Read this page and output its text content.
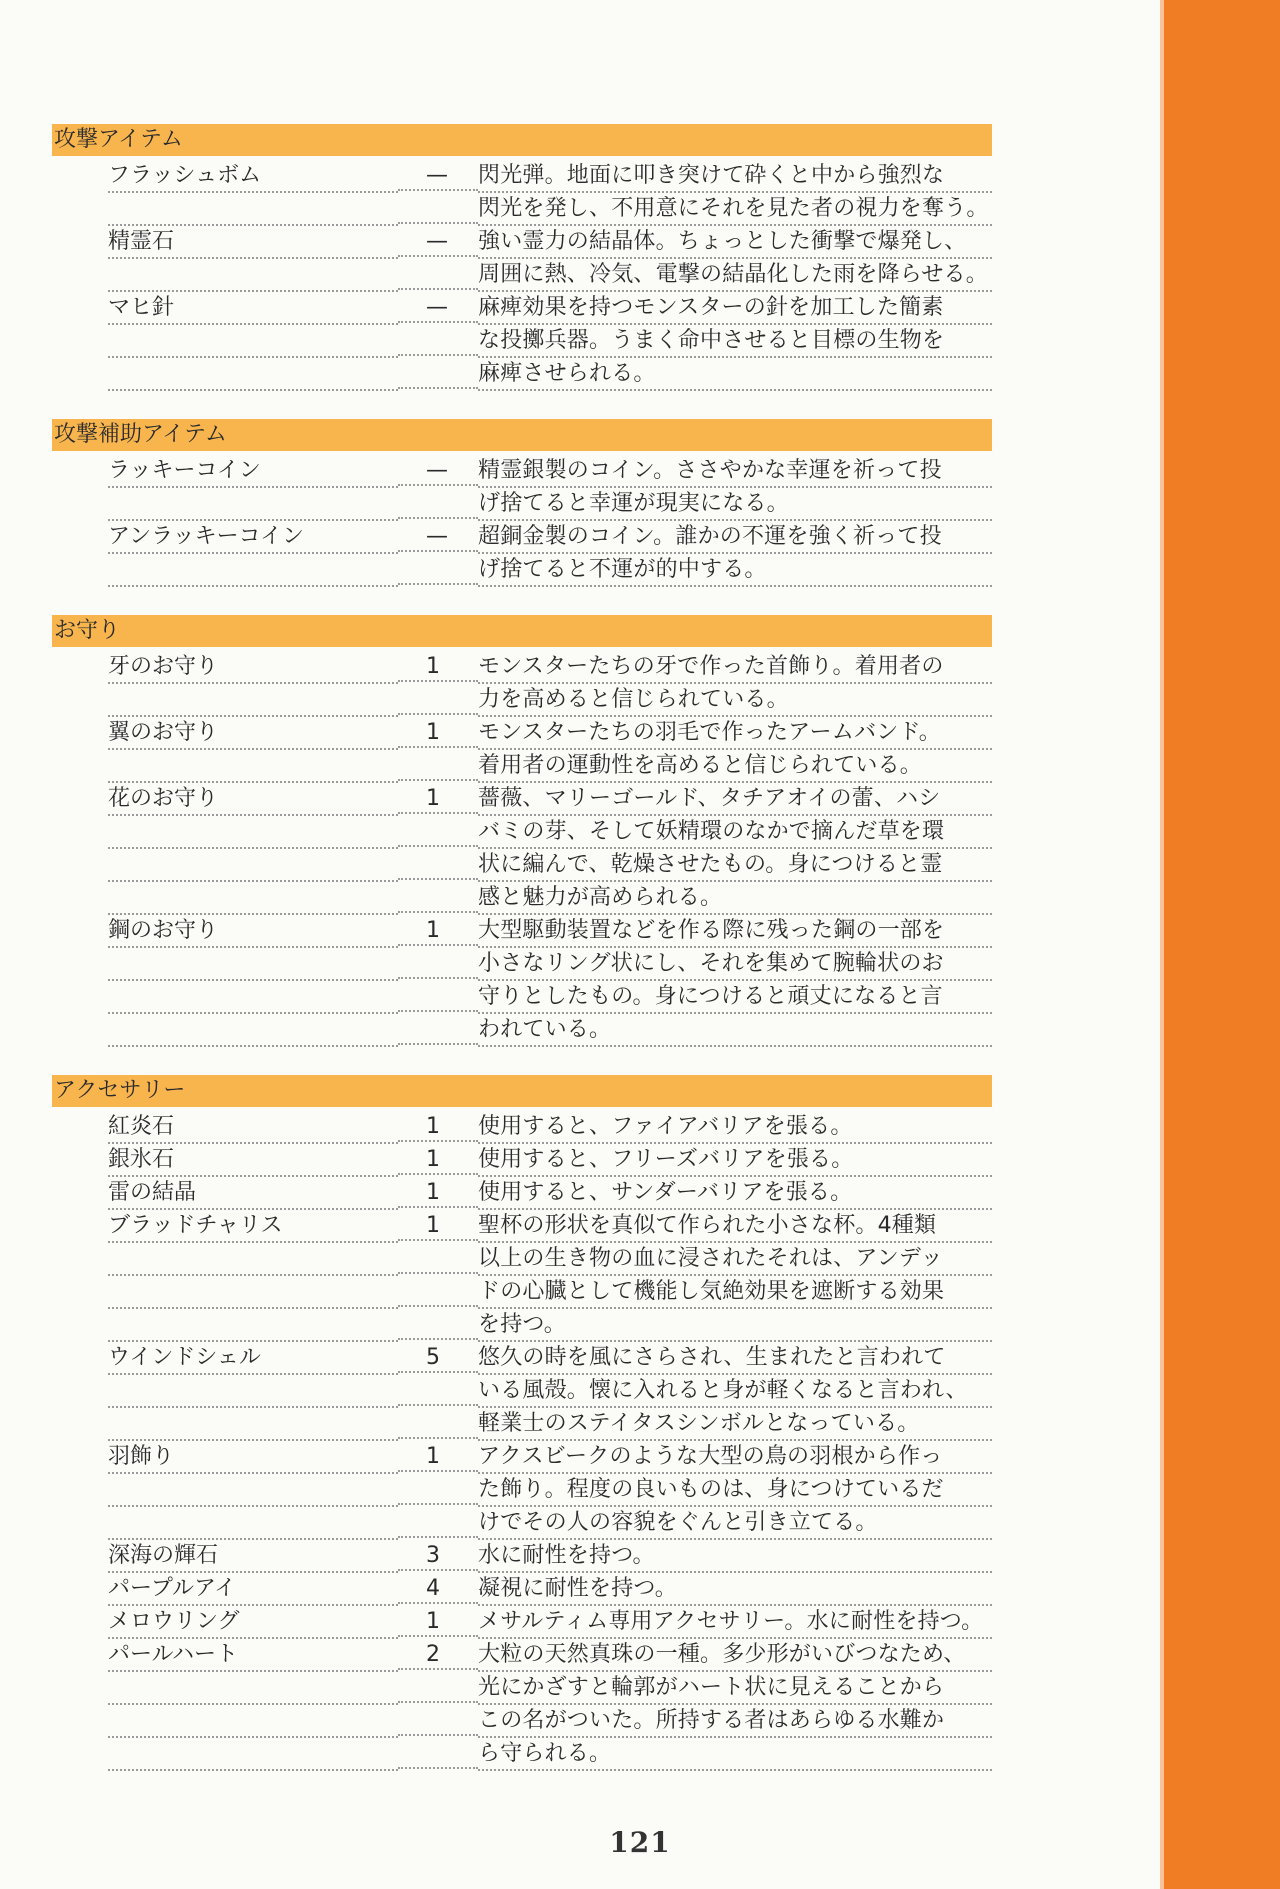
攻撃アイテム
フラッシュボム	—	閃光弾。地面に叩き突けて砕くと中から強烈な
閃光を発し、不用意にそれを見た者の視力を奪う。
精霊石	—	強い霊力の結晶体。ちょっとした衝撃で爆発し、
周囲に熱、冷気、電撃の結晶化した雨を降らせる。
マヒ針	—	麻痺効果を持つモンスターの針を加工した簡素
な投擲兵器。うまく命中させると目標の生物を
麻痺させられる。
攻撃補助アイテム
ラッキーコイン	—	精霊銀製のコイン。ささやかな幸運を祈って投
げ捨てると幸運が現実になる。
アンラッキーコイン	—	超銅金製のコイン。誰かの不運を強く祈って投
げ捨てると不運が的中する。
お守り
牙のお守り	1	モンスターたちの牙で作った首飾り。着用者の
力を高めると信じられている。
翼のお守り	1	モンスターたちの羽毛で作ったアームバンド。
着用者の運動性を高めると信じられている。
花のお守り	1	薔薇、マリーゴールド、タチアオイの蕾、ハシ
バミの芽、そして妖精環のなかで摘んだ草を環
状に編んで、乾燥させたもの。身につけると霊
感と魅力が高められる。
鋼のお守り	1	大型駆動装置などを作る際に残った鋼の一部を
小さなリング状にし、それを集めて腕輪状のお
守りとしたもの。身につけると頑丈になると言
われている。
アクセサリー
紅炎石	1	使用すると、ファイアバリアを張る。
銀氷石	1	使用すると、フリーズバリアを張る。
雷の結晶	1	使用すると、サンダーバリアを張る。
ブラッドチャリス	1	聖杯の形状を真似て作られた小さな杯。4種類
以上の生き物の血に浸されたそれは、アンデッ
ドの心臓として機能し気絶効果を遮断する効果
を持つ。
ウインドシェル	5	悠久の時を風にさらされ、生まれたと言われて
いる風殻。懐に入れると身が軽くなると言われ、
軽業士のステイタスシンボルとなっている。
羽飾り	1	アクスビークのような大型の鳥の羽根から作っ
た飾り。程度の良いものは、身につけているだ
けでその人の容貌をぐんと引き立てる。
深海の輝石	3	水に耐性を持つ。
パープルアイ	4	凝視に耐性を持つ。
メロウリング	1	メサルティム専用アクセサリー。水に耐性を持つ。
パールハート	2	大粒の天然真珠の一種。多少形がいびつなため、
光にかざすと輪郭がハート状に見えることから
この名がついた。所持する者はあらゆる水難か
ら守られる。
121
